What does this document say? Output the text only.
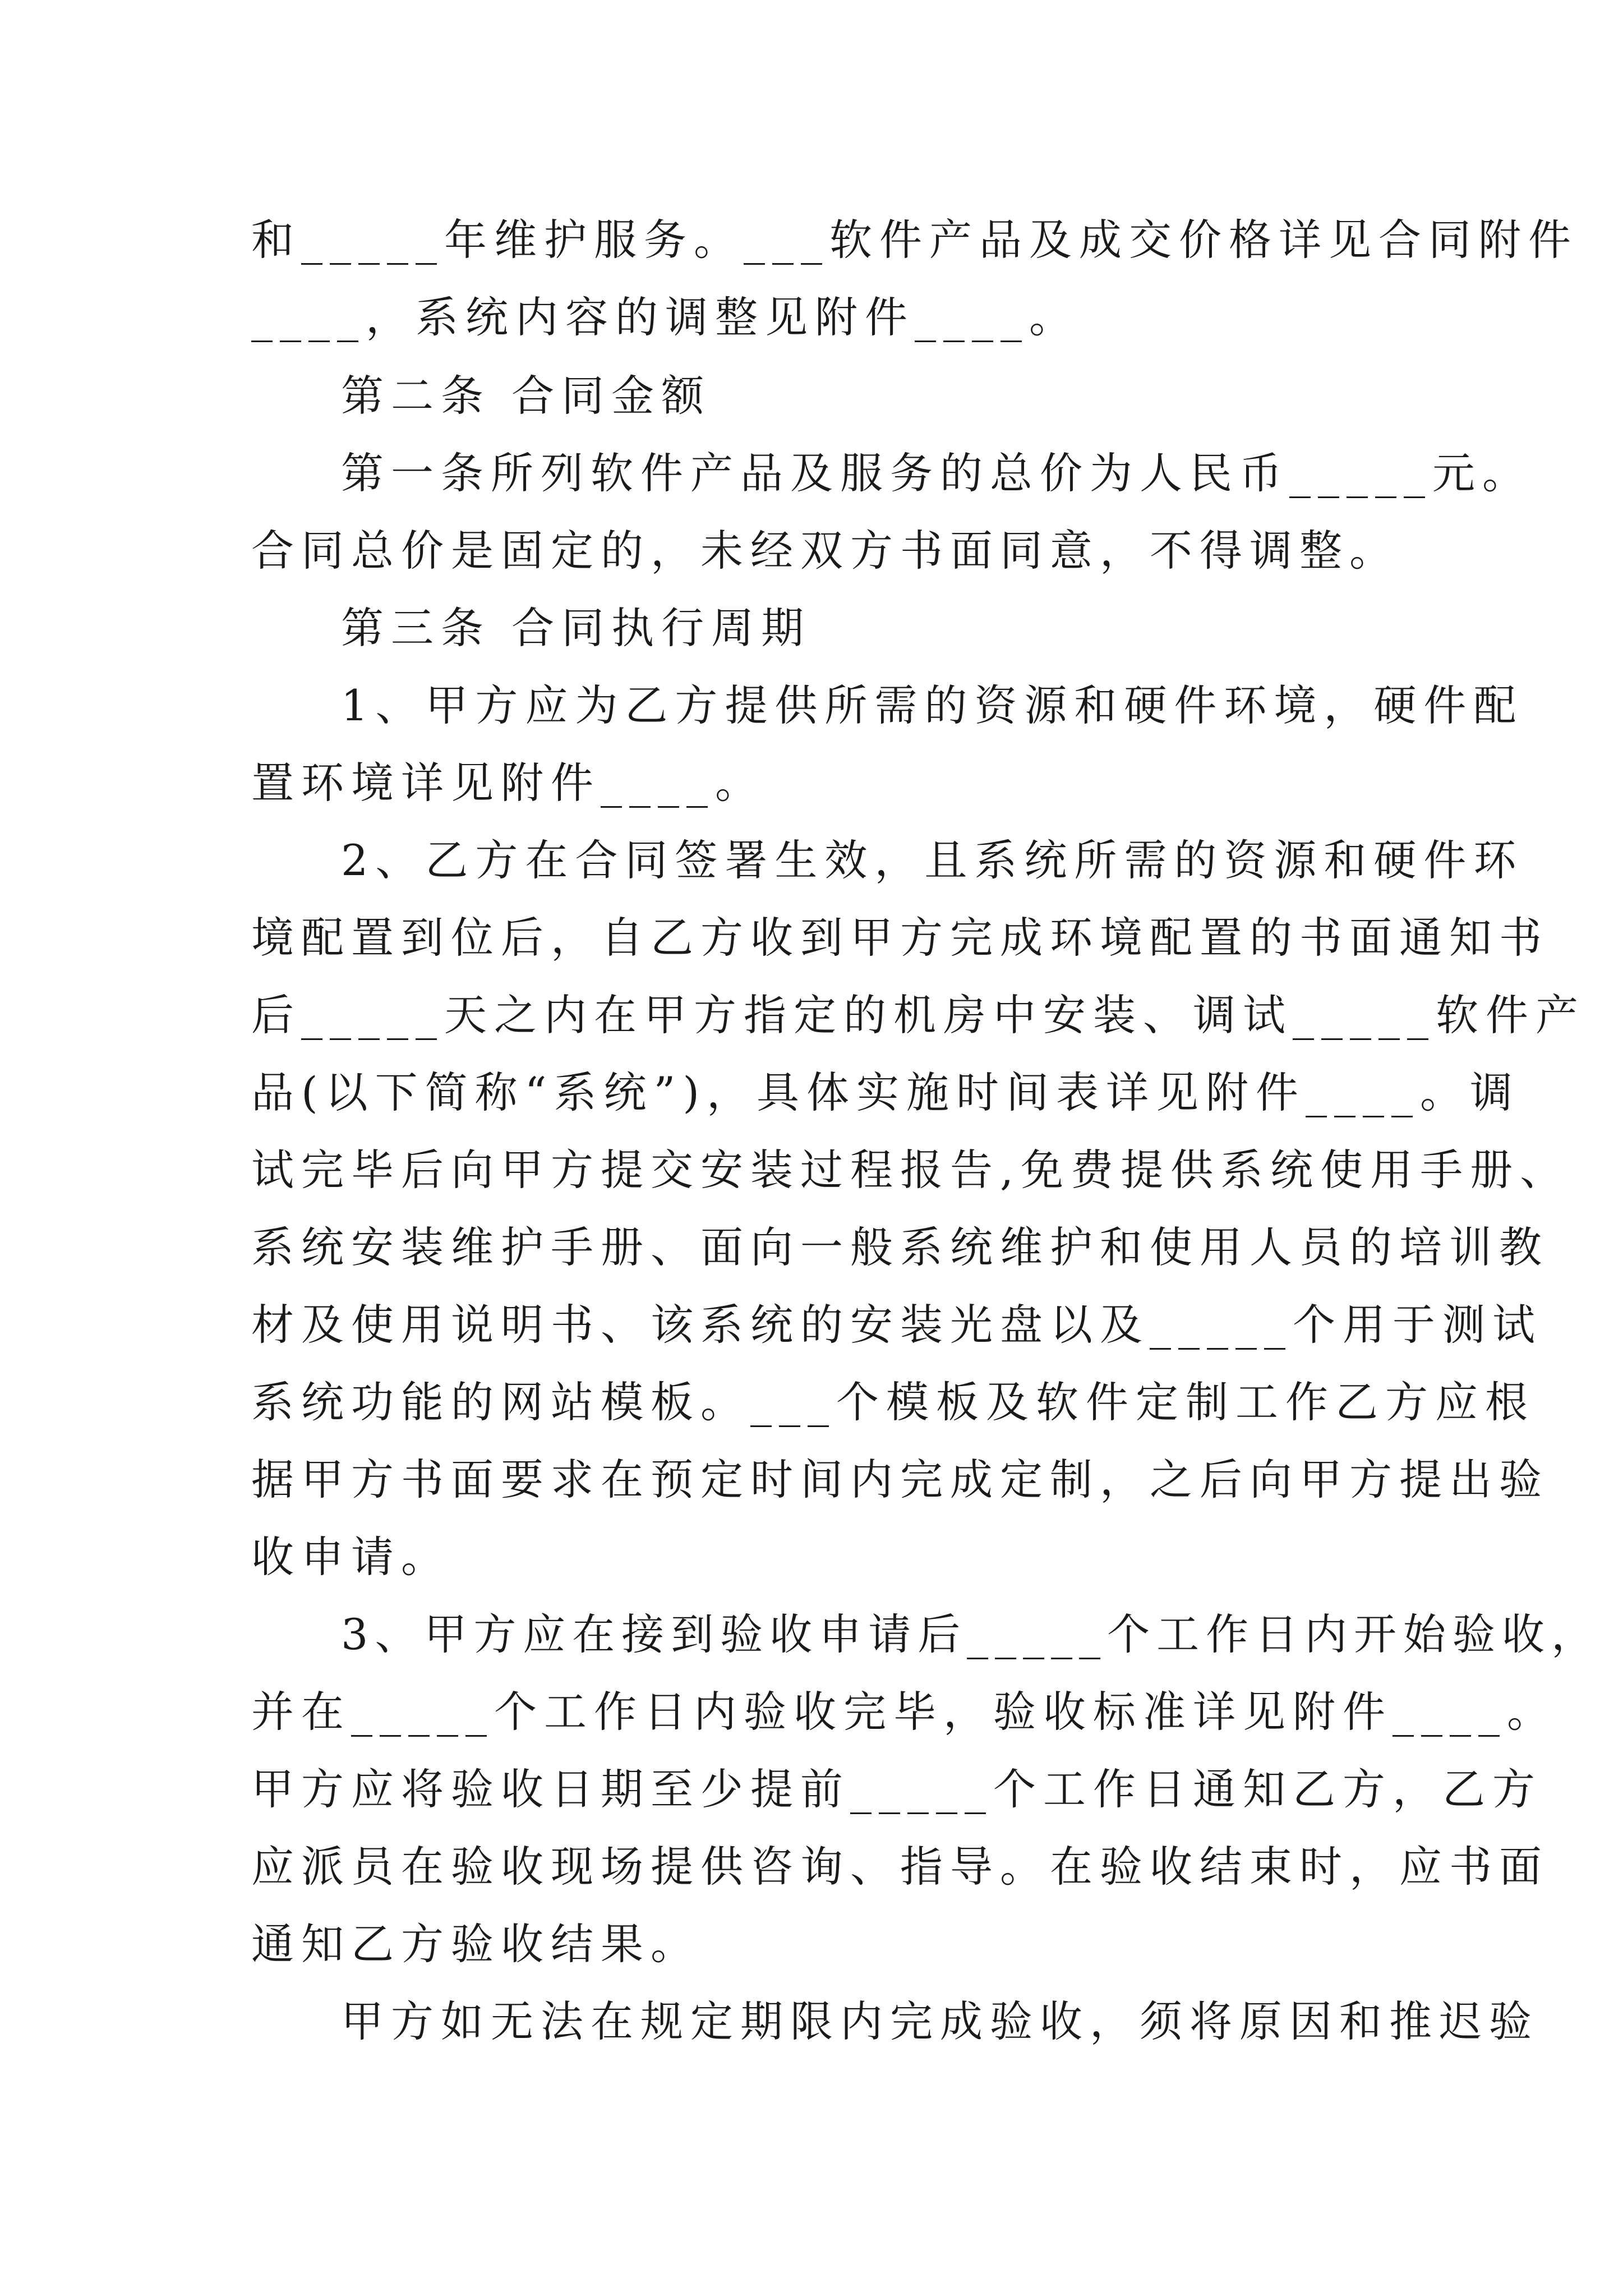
和_____年维护服务。___软件产品及成交价格详见合同附件
____，系统内容的调整见附件____。
第二条 合同金额
第一条所列软件产品及服务的总价为人民币_____元。
合同总价是固定的，未经双方书面同意，不得调整。
第三条 合同执行周期
1、甲方应为乙方提供所需的资源和硬件环境，硬件配
置环境详见附件____。
2、乙方在合同签署生效，且系统所需的资源和硬件环
境配置到位后，自乙方收到甲方完成环境配置的书面通知书
后_____天之内在甲方指定的机房中安装、调试_____软件产
品(以下简称“系统”)，具体实施时间表详见附件____。调
试完毕后向甲方提交安装过程报告,免费提供系统使用手册、
系统安装维护手册、面向一般系统维护和使用人员的培训教
材及使用说明书、该系统的安装光盘以及_____个用于测试
系统功能的网站模板。___个模板及软件定制工作乙方应根
据甲方书面要求在预定时间内完成定制，之后向甲方提出验
收申请。
3、甲方应在接到验收申请后_____个工作日内开始验收，
并在_____个工作日内验收完毕，验收标准详见附件____。
甲方应将验收日期至少提前_____个工作日通知乙方，乙方
应派员在验收现场提供咨询、指导。在验收结束时，应书面
通知乙方验收结果。
甲方如无法在规定期限内完成验收，须将原因和推迟验
